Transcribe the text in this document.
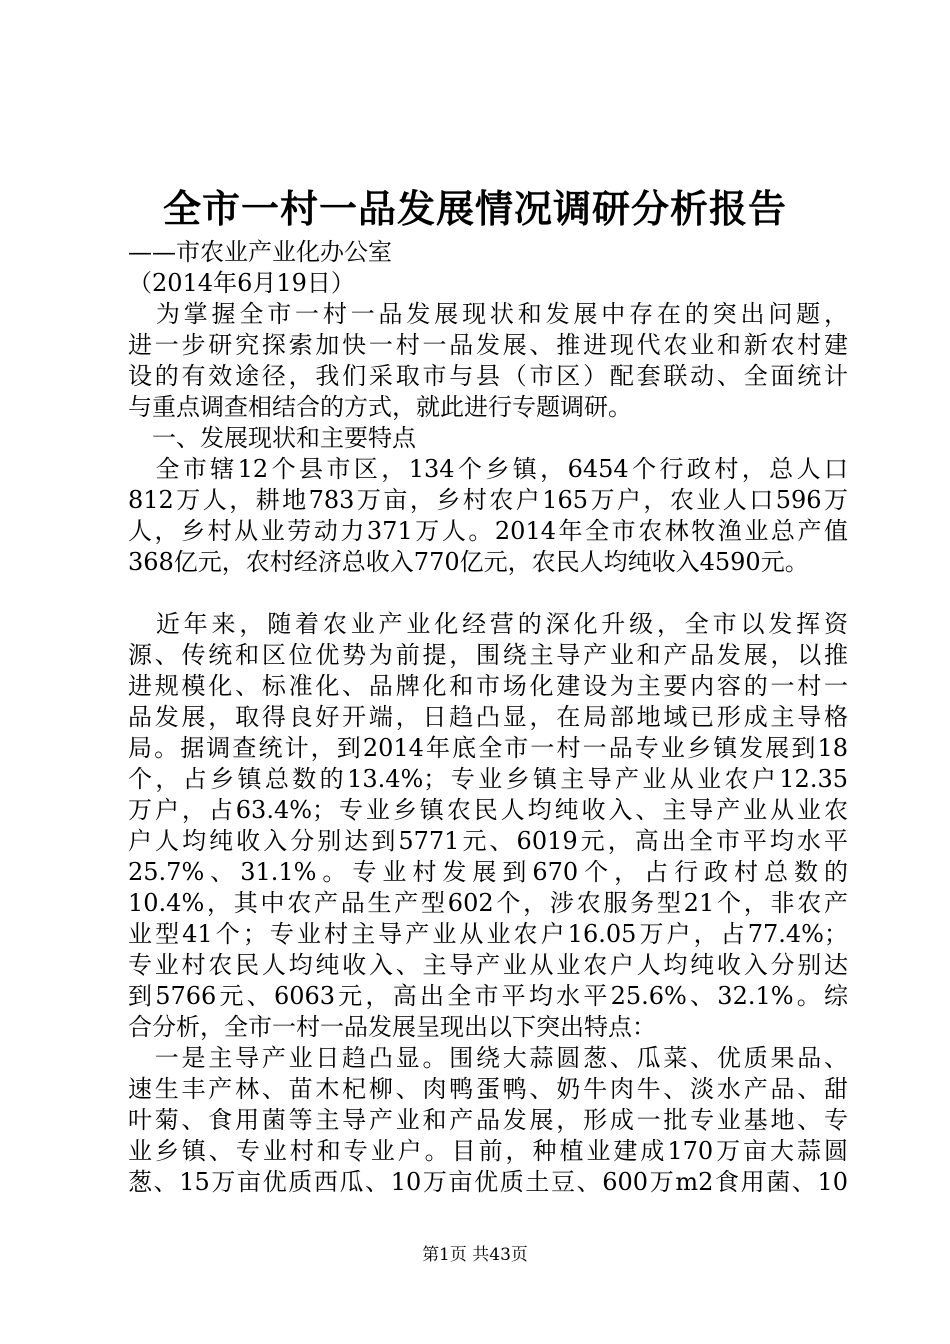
全市一村一品发展情况调研分析报告
——市农业产业化办公室
（2014年6月19日）
　为掌握全市一村一品发展现状和发展中存在的突出问题，
进一步研究探索加快一村一品发展、推进现代农业和新农村建
设的有效途径，我们采取市与县（市区）配套联动、全面统计
与重点调查相结合的方式，就此进行专题调研。
　一、发展现状和主要特点
　全市辖12个县市区，134个乡镇，6454个行政村，总人口
812万人，耕地783万亩，乡村农户165万户，农业人口596万
人，乡村从业劳动力371万人。2014年全市农林牧渔业总产值
368亿元，农村经济总收入770亿元，农民人均纯收入4590元。
　近年来，随着农业产业化经营的深化升级，全市以发挥资
源、传统和区位优势为前提，围绕主导产业和产品发展，以推
进规模化、标准化、品牌化和市场化建设为主要内容的一村一
品发展，取得良好开端，日趋凸显，在局部地域已形成主导格
局。据调查统计，到2014年底全市一村一品专业乡镇发展到18
个，占乡镇总数的13.4%；专业乡镇主导产业从业农户12.35
万户，占63.4%；专业乡镇农民人均纯收入、主导产业从业农
户人均纯收入分别达到5771元、6019元，高出全市平均水平
25.7%、31.1%。专业村发展到670个，占行政村总数的
10.4%，其中农产品生产型602个，涉农服务型21个，非农产
业型41个；专业村主导产业从业农户16.05万户，占77.4%；
专业村农民人均纯收入、主导产业从业农户人均纯收入分别达
到5766元、6063元，高出全市平均水平25.6%、32.1%。综
合分析，全市一村一品发展呈现出以下突出特点：
　一是主导产业日趋凸显。围绕大蒜圆葱、瓜菜、优质果品、
速生丰产林、苗木杞柳、肉鸭蛋鸭、奶牛肉牛、淡水产品、甜
叶菊、食用菌等主导产业和产品发展，形成一批专业基地、专
业乡镇、专业村和专业户。目前，种植业建成170万亩大蒜圆
葱、15万亩优质西瓜、10万亩优质土豆、600万m2食用菌、10
第1页 共43页
